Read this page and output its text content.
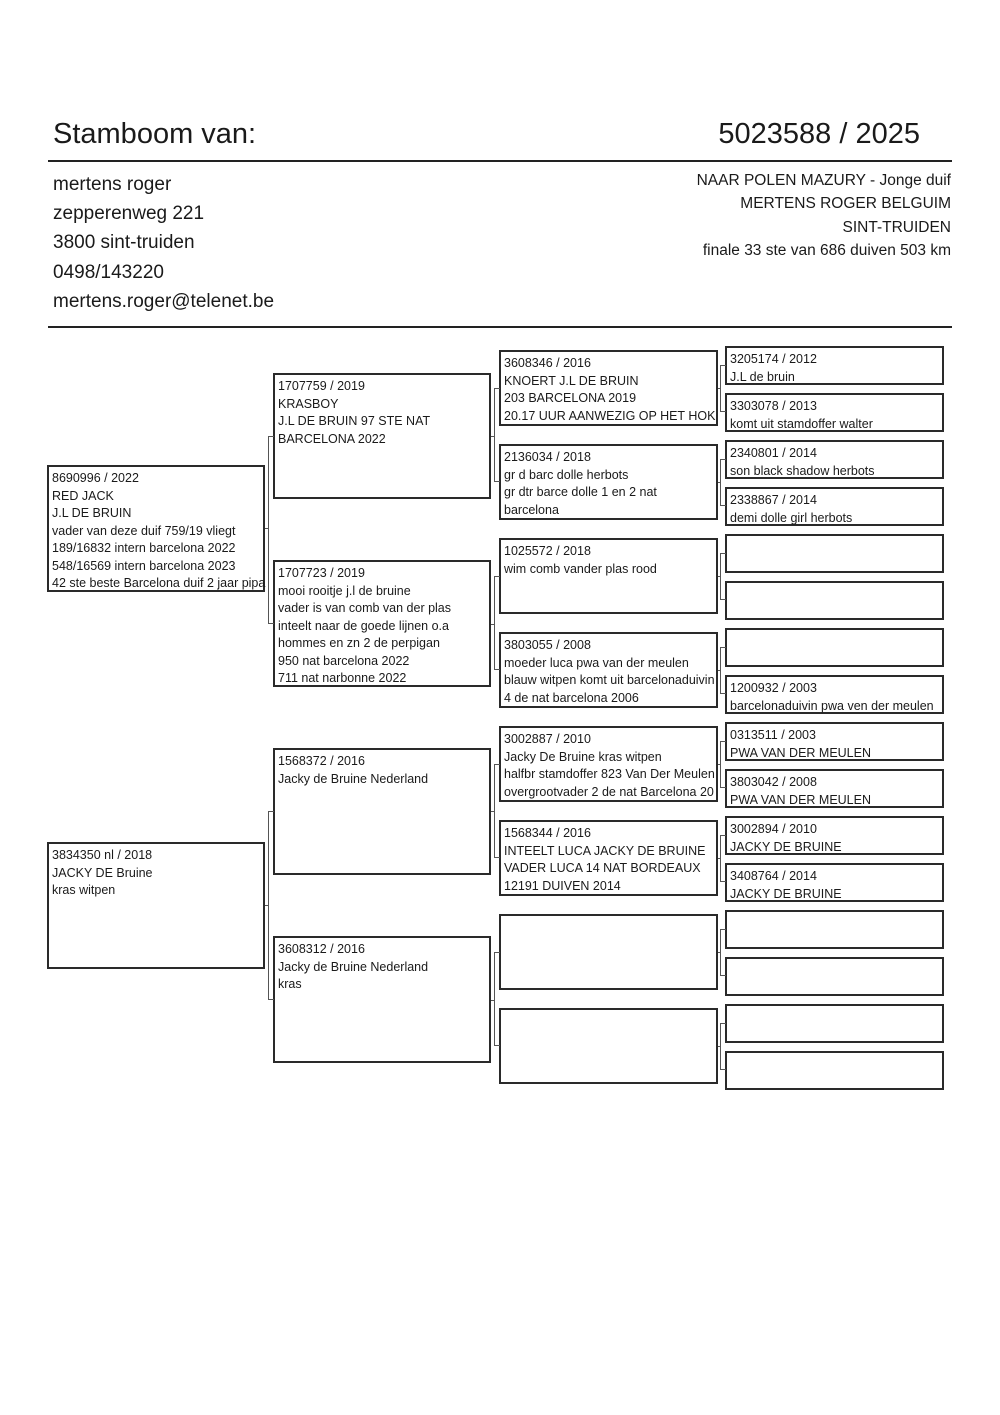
Stamboom van:	5023588 / 2025
mertens roger
zepperenweg 221
3800 sint-truiden
0498/143220
mertens.roger@telenet.be
NAAR POLEN MAZURY - Jonge duif
MERTENS ROGER BELGUIM
SINT-TRUIDEN
finale 33 ste van 686 duiven 503 km
8690996 / 2022
RED JACK
J.L DE BRUIN
vader van deze duif 759/19 vliegt
189/16832 intern barcelona 2022
548/16569 intern barcelona 2023
42 ste beste Barcelona duif 2 jaar pipa
3834350 nl / 2018
JACKY DE Bruine
kras witpen
1707759 / 2019
KRASBOY
J.L DE BRUIN 97 STE NAT
BARCELONA 2022
1707723 / 2019
mooi rooitje j.l de bruine
vader is van comb van der plas
inteelt naar de goede lijnen o.a
hommes en zn 2 de perpigan
950 nat barcelona 2022
711 nat narbonne 2022
1568372 / 2016
Jacky de Bruine Nederland
3608312 / 2016
Jacky de Bruine Nederland
kras
3608346 / 2016
KNOERT J.L DE BRUIN
203 BARCELONA 2019
20.17 UUR AANWEZIG OP HET HOK
2136034 / 2018
gr d barc dolle herbots
gr dtr barce dolle 1 en 2 nat
barcelona
1025572 / 2018
wim comb vander plas rood
3803055 / 2008
moeder luca pwa van der meulen
blauw witpen komt uit barcelonaduivin
4 de nat barcelona 2006
3002887 / 2010
Jacky De Bruine kras witpen
halfbr stamdoffer 823 Van Der Meulen
overgrootvader 2 de nat Barcelona 20
1568344 / 2016
INTEELT LUCA JACKY DE BRUINE
VADER LUCA 14 NAT BORDEAUX
12191 DUIVEN 2014
3205174 / 2012
J.L de bruin
3303078 / 2013
komt uit stamdoffer walter
2340801 / 2014
son black shadow herbots
2338867 / 2014
demi dolle girl herbots
1200932 / 2003
barcelonaduivin pwa ven der meulen
0313511 / 2003
PWA VAN DER MEULEN
3803042 / 2008
PWA VAN DER MEULEN
3002894 / 2010
JACKY DE BRUINE
3408764 / 2014
JACKY DE BRUINE
